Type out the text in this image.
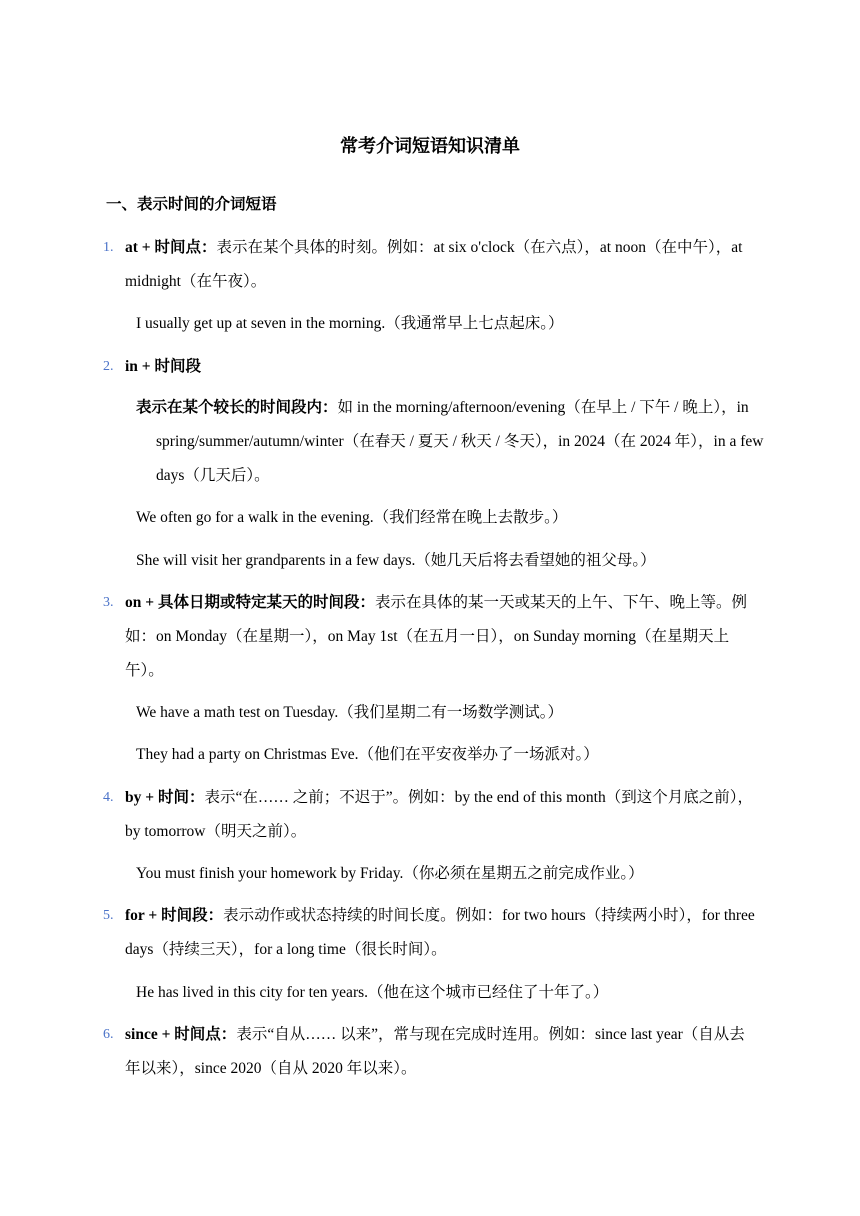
常考介词短语知识清单
一、表示时间的介词短语
1. at + 时间点：表示在某个具体的时刻。例如：at six o'clock（在六点），at noon（在中午），at midnight（在午夜）。
I usually get up at seven in the morning.（我通常早上七点起床。）
2. in + 时间段
表示在某个较长的时间段内：如 in the morning/afternoon/evening（在早上 / 下午 / 晚上），in spring/summer/autumn/winter（在春天 / 夏天 / 秋天 / 冬天），in 2024（在 2024 年），in a few days（几天后）。
We often go for a walk in the evening.（我们经常在晚上去散步。）
She will visit her grandparents in a few days.（她几天后将去看望她的祖父母。）
3. on + 具体日期或特定某天的时间段：表示在具体的某一天或某天的上午、下午、晚上等。例如：on Monday（在星期一），on May 1st（在五月一日），on Sunday morning（在星期天上午）。
We have a math test on Tuesday.（我们星期二有一场数学测试。）
They had a party on Christmas Eve.（他们在平安夜举办了一场派对。）
4. by + 时间：表示“在…… 之前；不迟于”。例如：by the end of this month（到这个月底之前），by tomorrow（明天之前）。
You must finish your homework by Friday.（你必须在星期五之前完成作业。）
5. for + 时间段：表示动作或状态持续的时间长度。例如：for two hours（持续两小时），for three days（持续三天），for a long time（很长时间）。
He has lived in this city for ten years.（他在这个城市已经住了十年了。）
6. since + 时间点：表示“自从…… 以来”，常与现在完成时连用。例如：since last year（自从去年以来），since 2020（自从 2020 年以来）。
